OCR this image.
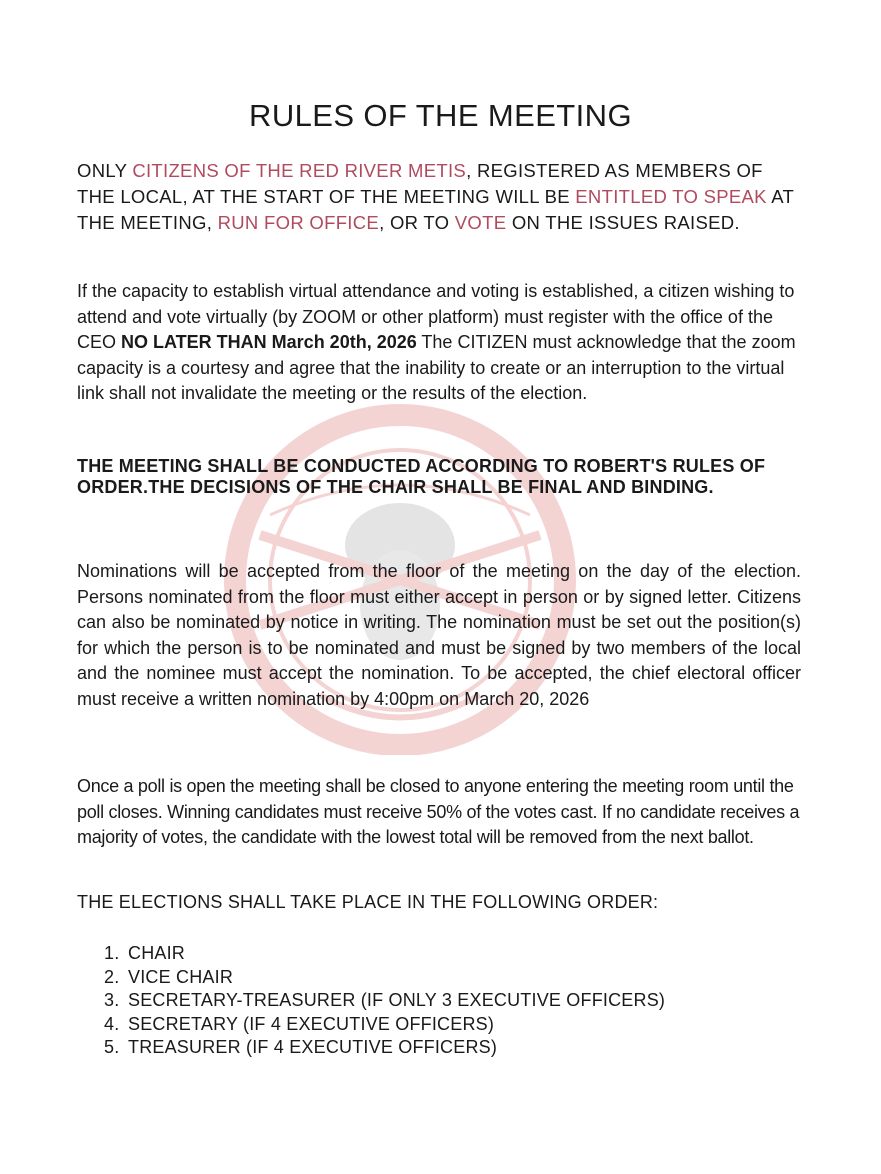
RULES OF THE MEETING

ONLY CITIZENS OF THE RED RIVER METIS, REGISTERED AS MEMBERS OF THE LOCAL, AT THE START OF THE MEETING WILL BE ENTITLED TO SPEAK AT THE MEETING, RUN FOR OFFICE, OR TO VOTE ON THE ISSUES RAISED.

If the capacity to establish virtual attendance and voting is established, a citizen wishing to attend and vote virtually (by ZOOM or other platform) must register with the office of the CEO NO LATER THAN March 20th, 2026 The CITIZEN must acknowledge that the zoom capacity is a courtesy and agree that the inability to create or an interruption to the virtual link shall not invalidate the meeting or the results of the election.

THE MEETING SHALL BE CONDUCTED ACCORDING TO ROBERT'S RULES OF ORDER.THE DECISIONS OF THE CHAIR SHALL BE FINAL AND BINDING.

Nominations will be accepted from the floor of the meeting on the day of the election. Persons nominated from the floor must either accept in person or by signed letter. Citizens can also be nominated by notice in writing. The nomination must be set out the position(s) for which the person is to be nominated and must be signed by two members of the local and the nominee must accept the nomination. To be accepted, the chief electoral officer must receive a written nomination by 4:00pm on March 20, 2026

Once a poll is open the meeting shall be closed to anyone entering the meeting room until the poll closes. Winning candidates must receive 50% of the votes cast. If no candidate receives a majority of votes, the candidate with the lowest total will be removed from the next ballot.

THE ELECTIONS SHALL TAKE PLACE IN THE FOLLOWING ORDER:

1. CHAIR
2. VICE CHAIR
3. SECRETARY-TREASURER (IF ONLY 3 EXECUTIVE OFFICERS)
4. SECRETARY (IF 4 EXECUTIVE OFFICERS)
5. TREASURER (IF 4 EXECUTIVE OFFICERS)
